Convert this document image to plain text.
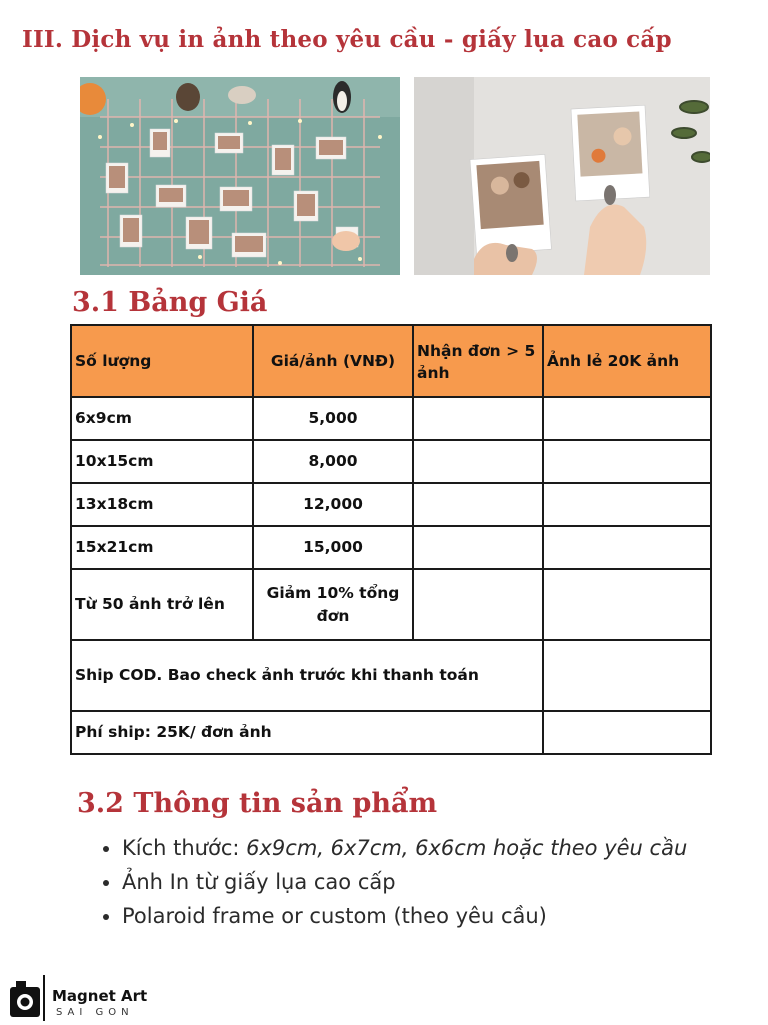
III. Dịch vụ in ảnh theo yêu cầu - giấy lụa cao cấp
3.1 Bảng Giá
Số lượng	Giá/ảnh (VNĐ)	Nhận đơn > 5 ảnh	Ảnh lẻ 20K ảnh
6x9cm	5,000		
10x15cm	8,000		
13x18cm	12,000		
15x21cm	15,000		
Từ 50 ảnh trở lên	Giảm 10% tổng đơn		
Ship COD. Bao check ảnh trước khi thanh toán			
Phí ship: 25K/ đơn ảnh			
3.2 Thông tin sản phẩm
• Kích thước: 6x9cm, 6x7cm, 6x6cm hoặc theo yêu cầu
• Ảnh In từ giấy lụa cao cấp
• Polaroid frame or custom (theo yêu cầu)
Magnet Art
SAI GON
